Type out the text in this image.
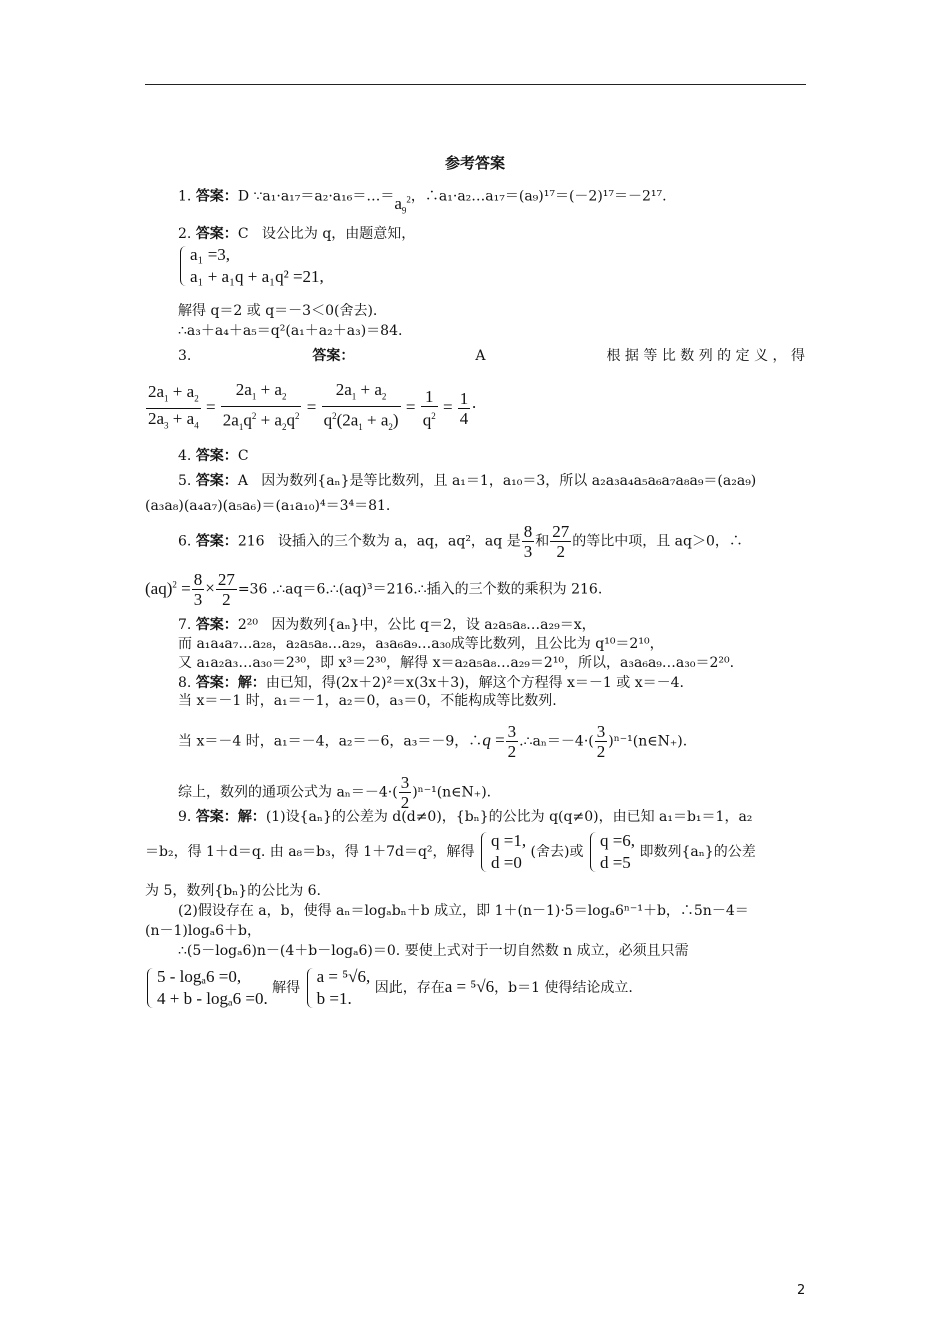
参考答案
1. 答案：D $\because a_1\cdot a_{17}=a_2\cdot a_{16}=\dots=a_9^2$，∴a₁·a₂…a₁₇＝(a₉)¹⁷＝(－2)¹⁷＝－2¹⁷.
2. 答案：C 设公比为 q，由题意知，
a₁ =3,
a₁ + a₁q + a₁q² =21,
解得 q＝2 或 q＝－3＜0(舍去).
∴a₃＋a₄＋a₅＝q²(a₁＋a₂＋a₃)＝84.
3.	答案：	A	根 据 等 比 数 列 的 定 义 ， 得
$\frac{2a_1 + a_2}{2a_3 + a_4} = \frac{2a_1 + a_2}{2a_1q^2 + a_2q^2} = \frac{2a_1 + a_2}{q^2(2a_1 + a_2)} = \frac{1}{q^2} = \frac{1}{4}$ ·
4. 答案：C
5. 答案：A 因为数列{aₙ}是等比数列，且 a₁＝1，a₁₀＝3，所以 a₂a₃a₄a₅a₆a₇a₈a₉＝(a₂a₉)
(a₃a₈)(a₄a₇)(a₅a₆)＝(a₁a₁₀)⁴＝3⁴＝81.
6. 答案：216 设插入的三个数为 a，aq，aq²，aq 是 $\frac{8}{3}$ 和 $\frac{27}{2}$ 的等比中项，且 aq＞0，∴
$(aq)^2 = \frac{8}{3} \times \frac{27}{2} =36$ .∴aq＝6.∴(aq)³＝216.∴插入的三个数的乘积为 216.
7. 答案：2²⁰ 因为数列{aₙ}中，公比 q＝2，设 a₂a₅a₈…a₂₉＝x，
而 a₁a₄a₇…a₂₈，a₂a₅a₈…a₂₉，a₃a₆a₉…a₃₀成等比数列，且公比为 q¹⁰＝2¹⁰，
又 a₁a₂a₃…a₃₀＝2³⁰，即 x³＝2³⁰，解得 x＝a₂a₅a₈…a₂₉＝2¹⁰，所以，a₃a₆a₉…a₃₀＝2²⁰.
8. 答案：解：由已知，得(2x＋2)²＝x(3x＋3)，解这个方程得 x＝－1 或 x＝－4.
当 x＝－1 时，a₁＝－1，a₂＝0，a₃＝0，不能构成等比数列.
当 x＝－4 时，a₁＝－4，a₂＝－6，a₃＝－9，∴q = $\frac{3}{2}$ .∴aₙ＝－4·( $\frac{3}{2}$ )ⁿ⁻¹(n∈N₊).
综上，数列的通项公式为 $a_n=-4\cdot( \frac{3}{2}$ )ⁿ⁻¹(n∈N₊).
9. 答案：解：(1)设{aₙ}的公差为 d(d≠0)，{bₙ}的公比为 q(q≠0)，由已知 a₁＝b₁＝1，a₂
＝b₂，得 1＋d＝q. 由 a₈＝b₃，得 1＋7d＝q²，解得
q =1,
d =0
(舍去)或
q =6,
d =5
即数列{aₙ}的公差
为 5，数列{bₙ}的公比为 6.
(2)假设存在 a，b，使得 aₙ＝logₐbₙ＋b 成立，即 1＋(n－1)·5＝logₐ6ⁿ⁻¹＋b，∴5n－4＝
(n－1)logₐ6＋b，
∴(5－logₐ6)n－(4＋b－logₐ6)＝0. 要使上式对于一切自然数 n 成立，必须且只需
5 - logₐ6 =0,
4 + b - logₐ6 =0.
解得
a = ⁵√6,
b =1.
因此，存在a = ⁵√6，b＝1 使得结论成立.
2
